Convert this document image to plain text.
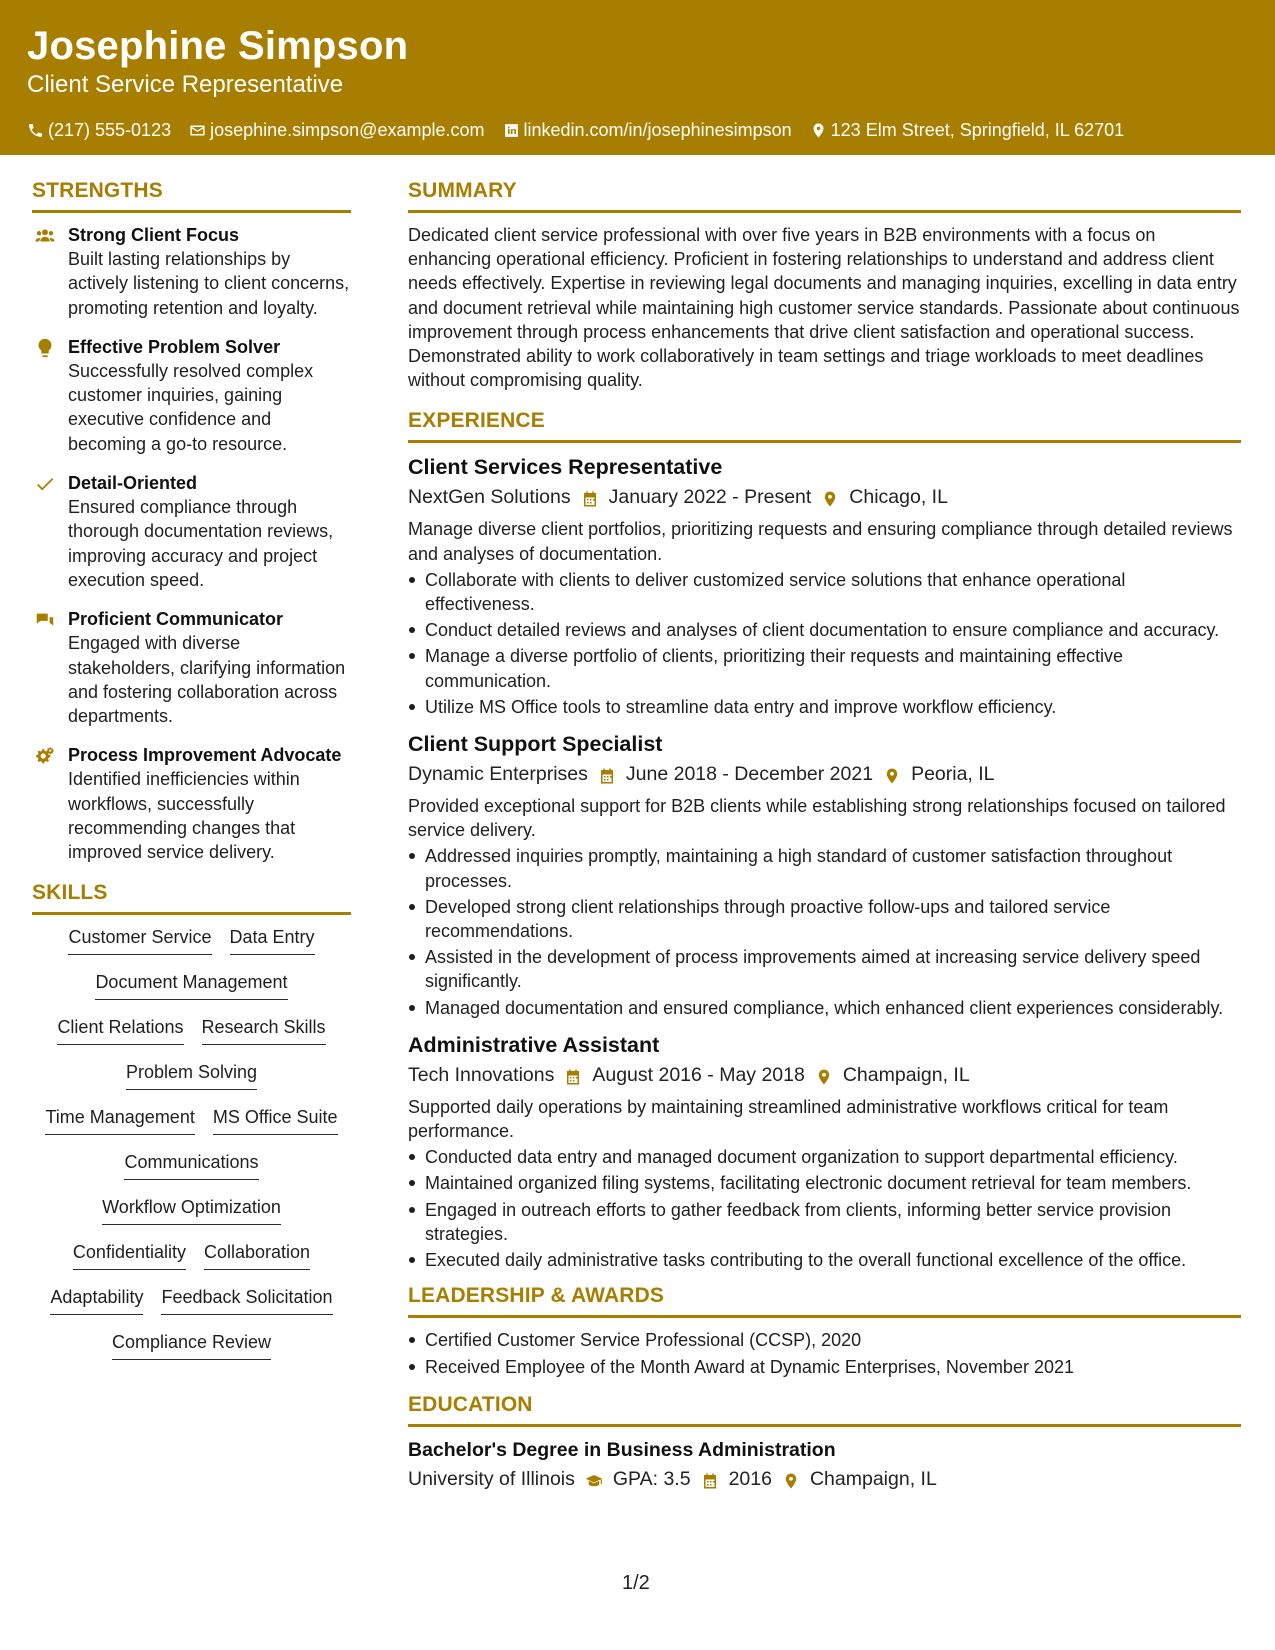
Josephine Simpson
Client Service Representative
(217) 555-0123 josephine.simpson@example.com linkedin.com/in/josephinesimpson 123 Elm Street, Springfield, IL 62701
STRENGTHS
Strong Client Focus
Built lasting relationships by actively listening to client concerns, promoting retention and loyalty.
Effective Problem Solver
Successfully resolved complex customer inquiries, gaining executive confidence and becoming a go-to resource.
Detail-Oriented
Ensured compliance through thorough documentation reviews, improving accuracy and project execution speed.
Proficient Communicator
Engaged with diverse stakeholders, clarifying information and fostering collaboration across departments.
Process Improvement Advocate
Identified inefficiencies within workflows, successfully recommending changes that improved service delivery.
SKILLS
Customer Service Data Entry
Document Management
Client Relations Research Skills
Problem Solving
Time Management MS Office Suite
Communications
Workflow Optimization
Confidentiality Collaboration
Adaptability Feedback Solicitation
Compliance Review
SUMMARY
Dedicated client service professional with over five years in B2B environments with a focus on enhancing operational efficiency. Proficient in fostering relationships to understand and address client needs effectively. Expertise in reviewing legal documents and managing inquiries, excelling in data entry and document retrieval while maintaining high customer service standards. Passionate about continuous improvement through process enhancements that drive client satisfaction and operational success. Demonstrated ability to work collaboratively in team settings and triage workloads to meet deadlines without compromising quality.
EXPERIENCE
Client Services Representative
NextGen Solutions January 2022 - Present Chicago, IL
Manage diverse client portfolios, prioritizing requests and ensuring compliance through detailed reviews and analyses of documentation.
Collaborate with clients to deliver customized service solutions that enhance operational effectiveness.
Conduct detailed reviews and analyses of client documentation to ensure compliance and accuracy.
Manage a diverse portfolio of clients, prioritizing their requests and maintaining effective communication.
Utilize MS Office tools to streamline data entry and improve workflow efficiency.
Client Support Specialist
Dynamic Enterprises June 2018 - December 2021 Peoria, IL
Provided exceptional support for B2B clients while establishing strong relationships focused on tailored service delivery.
Addressed inquiries promptly, maintaining a high standard of customer satisfaction throughout processes.
Developed strong client relationships through proactive follow-ups and tailored service recommendations.
Assisted in the development of process improvements aimed at increasing service delivery speed significantly.
Managed documentation and ensured compliance, which enhanced client experiences considerably.
Administrative Assistant
Tech Innovations August 2016 - May 2018 Champaign, IL
Supported daily operations by maintaining streamlined administrative workflows critical for team performance.
Conducted data entry and managed document organization to support departmental efficiency.
Maintained organized filing systems, facilitating electronic document retrieval for team members.
Engaged in outreach efforts to gather feedback from clients, informing better service provision strategies.
Executed daily administrative tasks contributing to the overall functional excellence of the office.
LEADERSHIP & AWARDS
Certified Customer Service Professional (CCSP), 2020
Received Employee of the Month Award at Dynamic Enterprises, November 2021
EDUCATION
Bachelor's Degree in Business Administration
University of Illinois GPA: 3.5 2016 Champaign, IL
1/2
